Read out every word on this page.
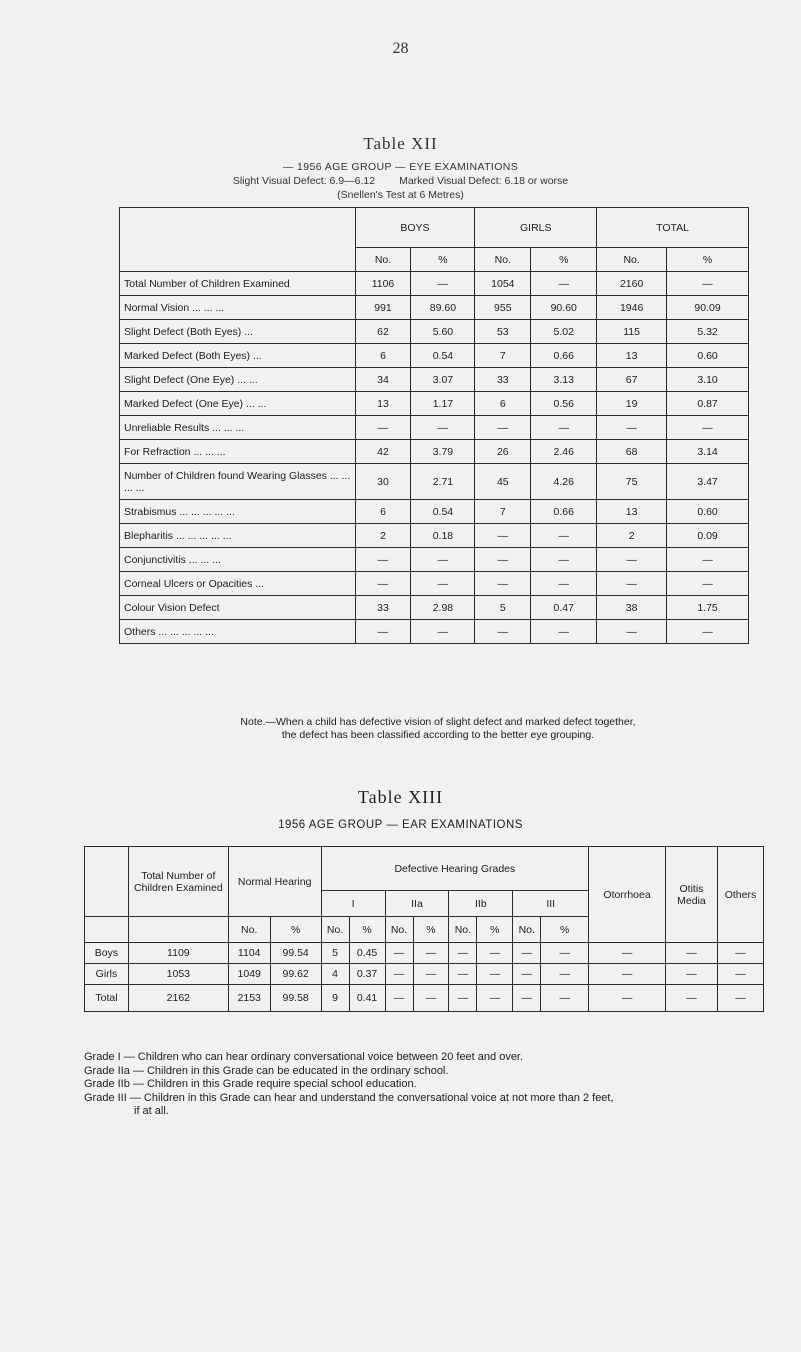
28
Table XII
— 1956 AGE GROUP — EYE EXAMINATIONS
Slight Visual Defect: 6.9—6.12 Marked Visual Defect: 6.18 or worse
(Snellen's Test at 6 Metres)
	BOYS		GIRLS		TOTAL	
	No.	%	No.	%	No.	%
Total Number of Children Examined	1106	—	1054	—	2160	—
Normal Vision ... ... ...	991	89.60	955	90.60	1946	90.09
Slight Defect (Both Eyes) ...	62	5.60	53	5.02	115	5.32
Marked Defect (Both Eyes) ...	6	0.54	7	0.66	13	0.60
Slight Defect (One Eye) ... ...	34	3.07	33	3.13	67	3.10
Marked Defect (One Eye) ... ...	13	1.17	6	0.56	19	0.87
Unreliable Results ... ... ...	—	—	—	—	—	—
For Refraction ... ... ...	42	3.79	26	2.46	68	3.14
Number of Children found Wearing Glasses ... ... ... ...	30	2.71	45	4.26	75	3.47
Strabismus ... ... ... ... ...	6	0.54	7	0.66	13	0.60
Blepharitis ... ... ... ... ...	2	0.18	—	—	2	0.09
Conjunctivitis ... ... ...	—	—	—	—	—	—
Corneal Ulcers or Opacities ...	—	—	—	—	—	—
Colour Vision Defect	33	2.98	5	0.47	38	1.75
Others ... ... ... ... ...	—	—	—	—	—	—
Note.—When a child has defective vision of slight defect and marked defect together,
the defect has been classified according to the better eye grouping.
Table XIII
1956 AGE GROUP — EAR EXAMINATIONS
	Total Number of Children Examined	Normal Hearing		Defective Hearing Grades								Otorrhoea	Otitis Media	Others
				I		IIa		IIb		III				
		No.	%	No.	%	No.	%	No.	%	No.	%			
Boys	1109	1104	99.54	5	0.45	—	—	—	—	—	—	—	—	—
Girls	1053	1049	99.62	4	0.37	—	—	—	—	—	—	—	—	—
Total	2162	2153	99.58	9	0.41	—	—	—	—	—	—	—	—	—
Grade I — Children who can hear ordinary conversational voice between 20 feet and over.
Grade IIa — Children in this Grade can be educated in the ordinary school.
Grade IIb — Children in this Grade require special school education.
Grade III — Children in this Grade can hear and understand the conversational voice at not more than 2 feet,
if at all.
